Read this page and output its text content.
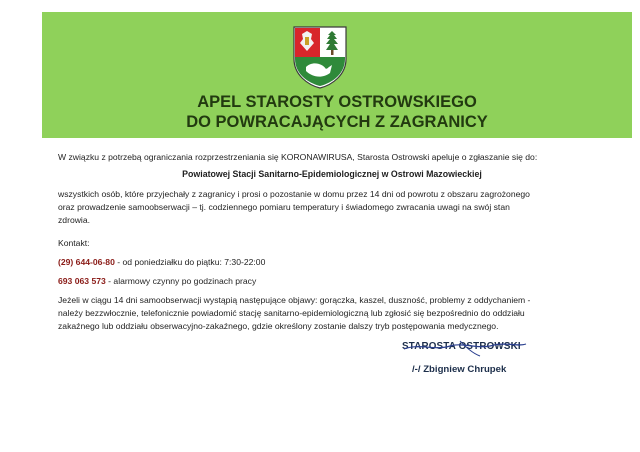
APEL STAROSTY OSTROWSKIEGO
DO POWRACAJĄCYCH Z ZAGRANICY
W związku z potrzebą ograniczania rozprzestrzeniania się KORONAWIRUSA, Starosta Ostrowski apeluje o zgłaszanie się do:
Powiatowej Stacji Sanitarno-Epidemiologicznej w Ostrowi Mazowieckiej
wszystkich osób, które przyjechały z zagranicy i prosi o pozostanie w domu przez 14 dni od powrotu z obszaru zagrożonego
oraz prowadzenie samoobserwacji – tj. codziennego pomiaru temperatury i świadomego zwracania uwagi na swój stan
zdrowia.
Kontakt:
(29) 644-06-80 - od poniedziałku do piątku: 7:30-22:00
693 063 573 - alarmowy czynny po godzinach pracy
Jeżeli w ciągu 14 dni samoobserwacji wystąpią następujące objawy: gorączka, kaszel, duszność, problemy z oddychaniem -
należy bezzwłocznie, telefonicznie powiadomić stację sanitarno-epidemiologiczną lub zgłosić się bezpośrednio do oddziału
zakaźnego lub oddziału obserwacyjno-zakaźnego, gdzie określony zostanie dalszy tryb postępowania medycznego.
STAROSTA OSTROWSKI
/-/ Zbigniew Chrupek
